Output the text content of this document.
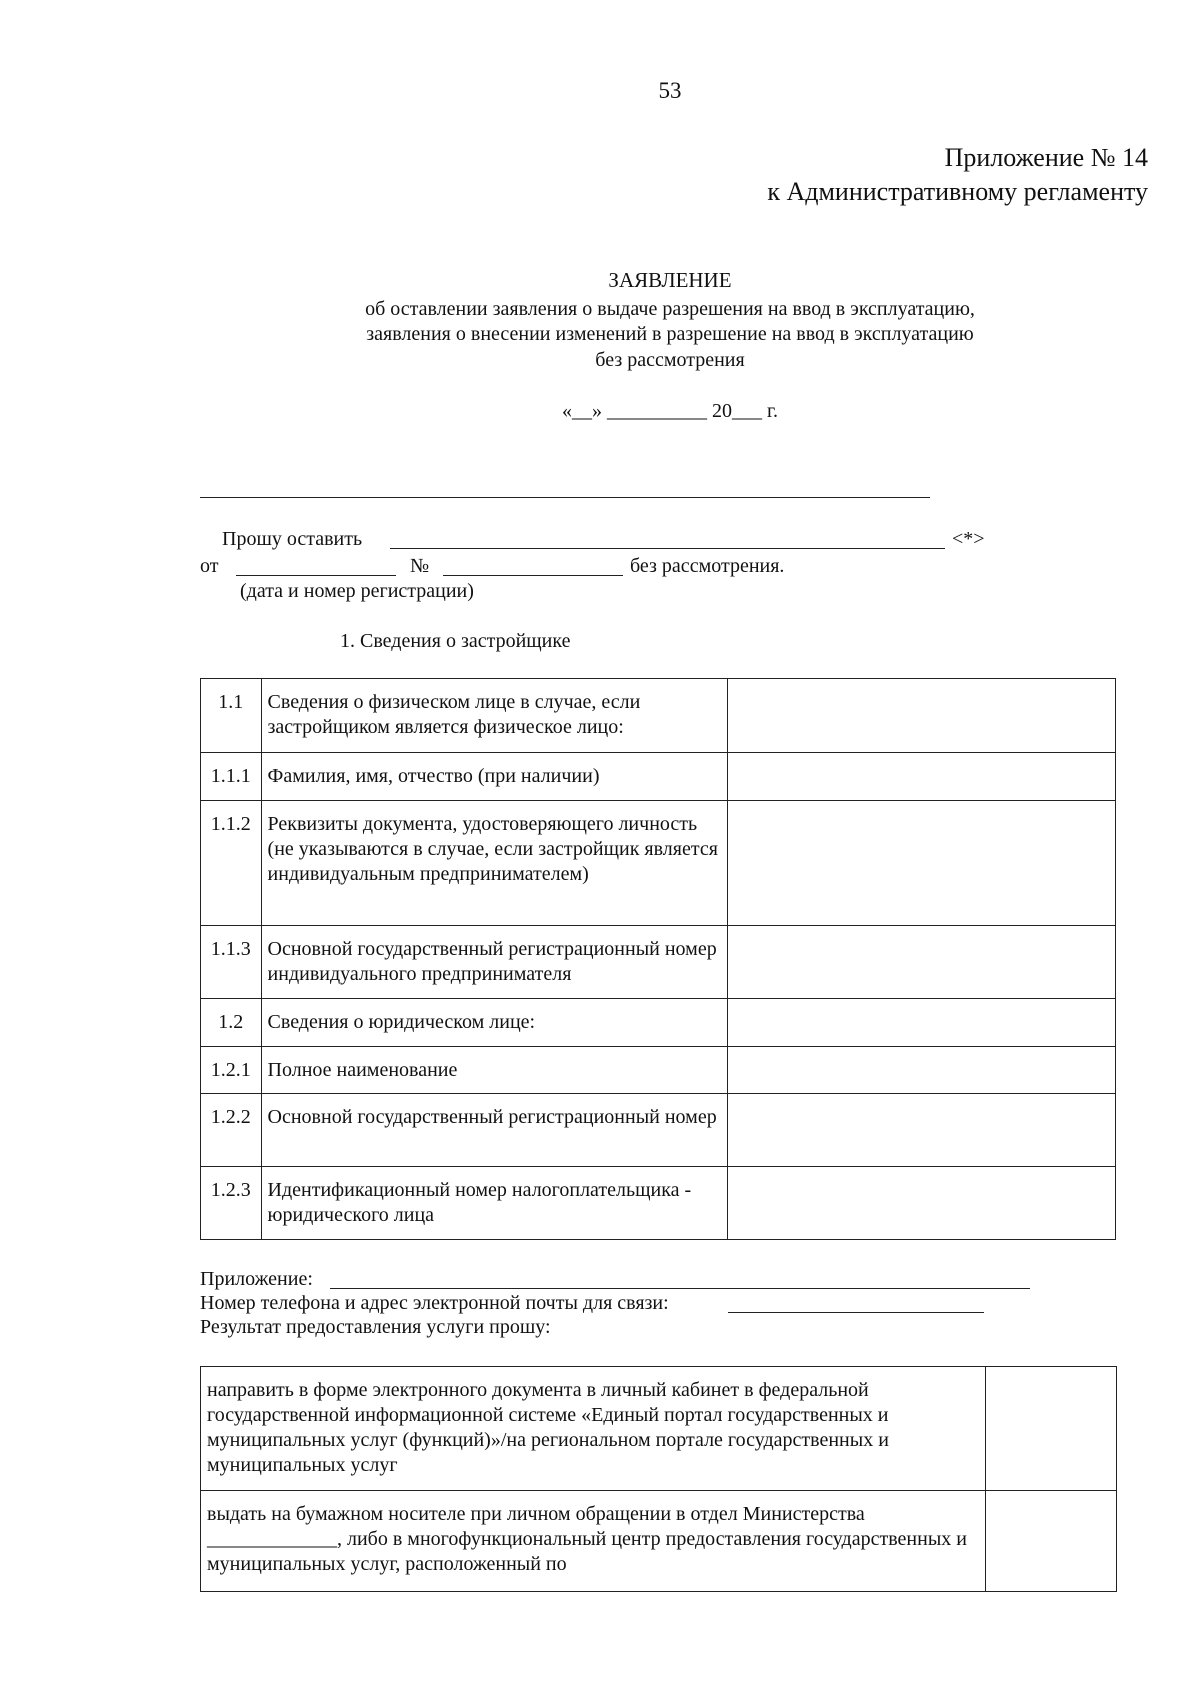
53
Приложение № 14
к Административному регламенту
ЗАЯВЛЕНИЕ
об оставлении заявления о выдаче разрешения на ввод в эксплуатацию,
заявления о внесении изменений в разрешение на ввод в эксплуатацию
без рассмотрения
«__» __________ 20___ г.
Прошу оставить	<*>
от	№	без рассмотрения.
(дата и номер регистрации)
1. Сведения о застройщике
1.1	Сведения о физическом лице в случае, если застройщиком является физическое лицо:	
1.1.1	Фамилия, имя, отчество (при наличии)	
1.1.2	Реквизиты документа, удостоверяющего личность (не указываются в случае, если застройщик является индивидуальным предпринимателем)	
1.1.3	Основной государственный регистрационный номер индивидуального предпринимателя	
1.2	Сведения о юридическом лице:	
1.2.1	Полное наименование	
1.2.2	Основной государственный регистрационный номер	
1.2.3	Идентификационный номер налогоплательщика - юридического лица	
Приложение:
Номер телефона и адрес электронной почты для связи:
Результат предоставления услуги прошу:
направить в форме электронного документа в личный кабинет в федеральной государственной информационной системе «Единый портал государственных и муниципальных услуг (функций)»/на региональном портале государственных и муниципальных услуг	
выдать на бумажном носителе при личном обращении в отдел Министерства _____________, либо в многофункциональный центр предоставления государственных и муниципальных услуг, расположенный по	
